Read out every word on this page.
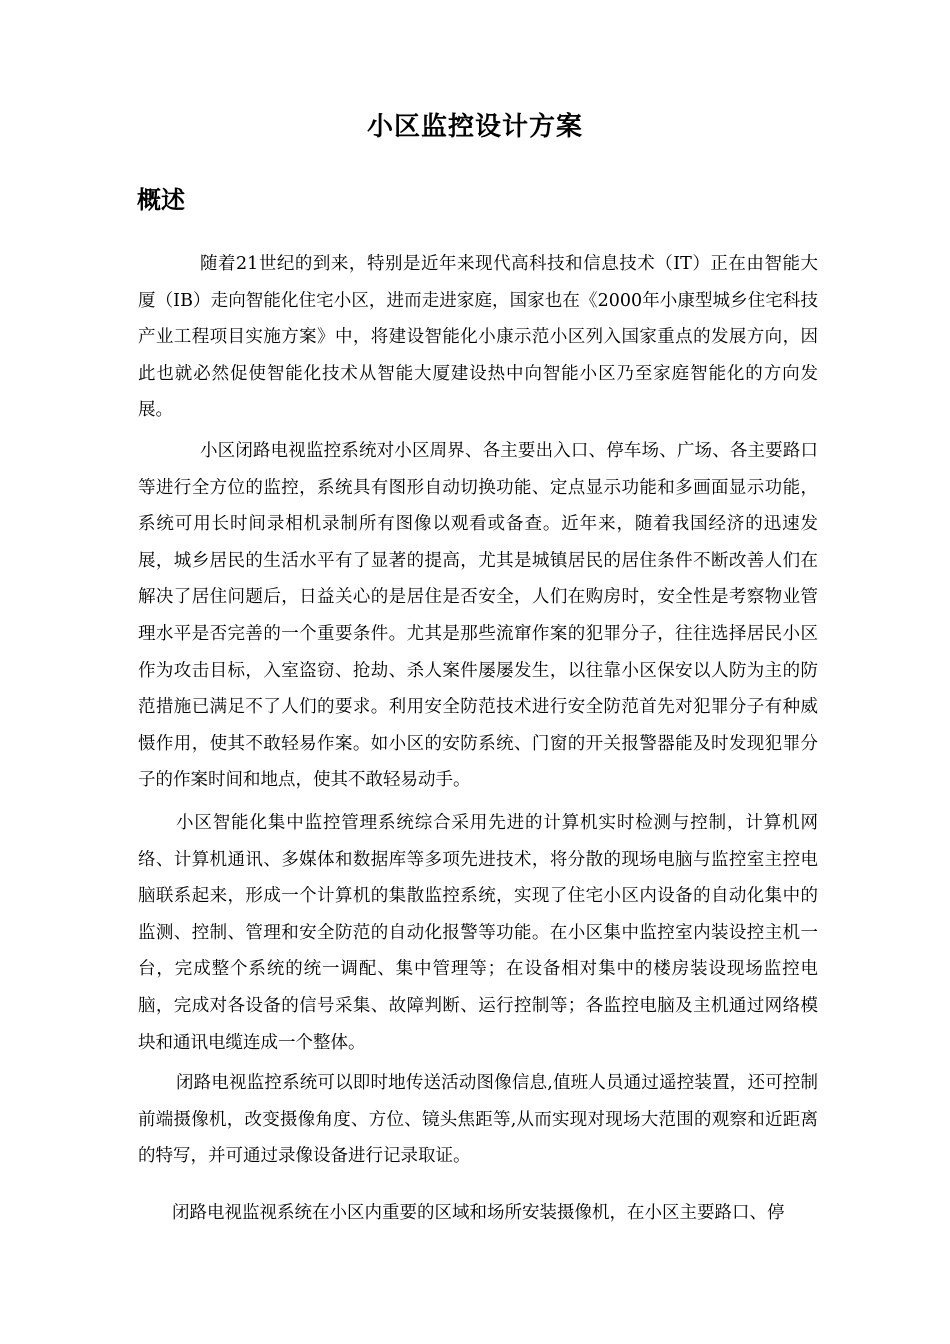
小区监控设计方案
概述

随着21世纪的到来，特别是近年来现代高科技和信息技术（IT）正在由智能大厦（IB）走向智能化住宅小区，进而走进家庭，国家也在《2000年小康型城乡住宅科技产业工程项目实施方案》中，将建设智能化小康示范小区列入国家重点的发展方向，因此也就必然促使智能化技术从智能大厦建设热中向智能小区乃至家庭智能化的方向发展。

小区闭路电视监控系统对小区周界、各主要出入口、停车场、广场、各主要路口等进行全方位的监控，系统具有图形自动切换功能、定点显示功能和多画面显示功能，系统可用长时间录相机录制所有图像以观看或备查。近年来，随着我国经济的迅速发展，城乡居民的生活水平有了显著的提高，尤其是城镇居民的居住条件不断改善人们在解决了居住问题后，日益关心的是居住是否安全，人们在购房时，安全性是考察物业管理水平是否完善的一个重要条件。尤其是那些流窜作案的犯罪分子，往往选择居民小区作为攻击目标，入室盗窃、抢劫、杀人案件屡屡发生，以往靠小区保安以人防为主的防范措施已满足不了人们的要求。利用安全防范技术进行安全防范首先对犯罪分子有种威慑作用，使其不敢轻易作案。如小区的安防系统、门窗的开关报警器能及时发现犯罪分子的作案时间和地点，使其不敢轻易动手。

小区智能化集中监控管理系统综合采用先进的计算机实时检测与控制，计算机网络、计算机通讯、多媒体和数据库等多项先进技术，将分散的现场电脑与监控室主控电脑联系起来，形成一个计算机的集散监控系统，实现了住宅小区内设备的自动化集中的监测、控制、管理和安全防范的自动化报警等功能。在小区集中监控室内装设控主机一台，完成整个系统的统一调配、集中管理等；在设备相对集中的楼房装设现场监控电脑，完成对各设备的信号采集、故障判断、运行控制等；各监控电脑及主机通过网络模块和通讯电缆连成一个整体。

闭路电视监控系统可以即时地传送活动图像信息,值班人员通过遥控装置，还可控制前端摄像机，改变摄像角度、方位、镜头焦距等,从而实现对现场大范围的观察和近距离的特写，并可通过录像设备进行记录取证。

闭路电视监视系统在小区内重要的区域和场所安装摄像机，在小区主要路口、停
